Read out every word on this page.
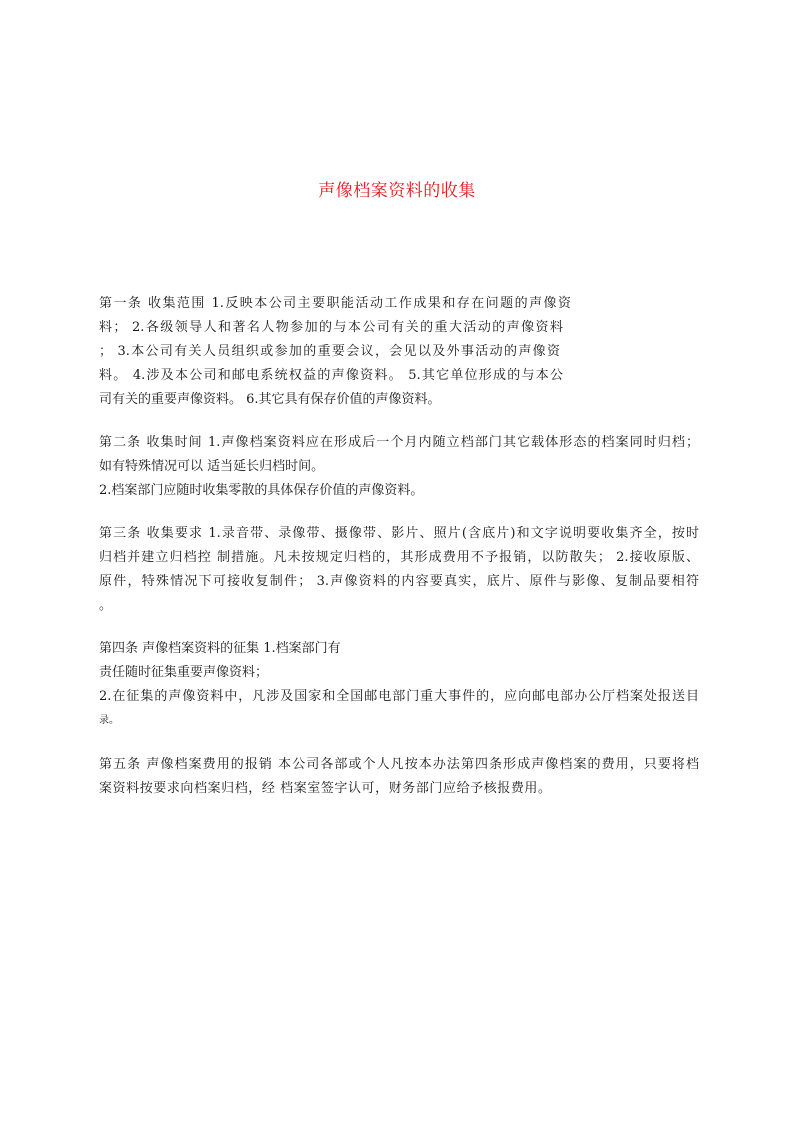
声像档案资料的收集
第一条 收集范围 1.反映本公司主要职能活动工作成果和存在问题的声像资
料； 2.各级领导人和著名人物参加的与本公司有关的重大活动的声像资料
； 3.本公司有关人员组织或参加的重要会议，会见以及外事活动的声像资
料。 4.涉及本公司和邮电系统权益的声像资料。 5.其它单位形成的与本公
司有关的重要声像资料。 6.其它具有保存价值的声像资料。
第二条 收集时间 1.声像档案资料应在形成后一个月内随立档部门其它载体形态的档案同时归档；
如有特殊情况可以 适当延长归档时间。
2.档案部门应随时收集零散的具体保存价值的声像资料。
第三条 收集要求 1.录音带、录像带、摄像带、影片、照片(含底片)和文字说明要收集齐全，按时
归档并建立归档控 制措施。凡未按规定归档的，其形成费用不予报销，以防散失； 2.接收原版、
原件，特殊情况下可接收复制件； 3.声像资料的内容要真实，底片、原件与影像、复制品要相符
。
第四条 声像档案资料的征集 1.档案部门有
责任随时征集重要声像资料；
2.在征集的声像资料中，凡涉及国家和全国邮电部门重大事件的，应向邮电部办公厅档案处报送目
录。
第五条 声像档案费用的报销 本公司各部或个人凡按本办法第四条形成声像档案的费用，只要将档
案资料按要求向档案归档，经 档案室签字认可，财务部门应给予核报费用。
